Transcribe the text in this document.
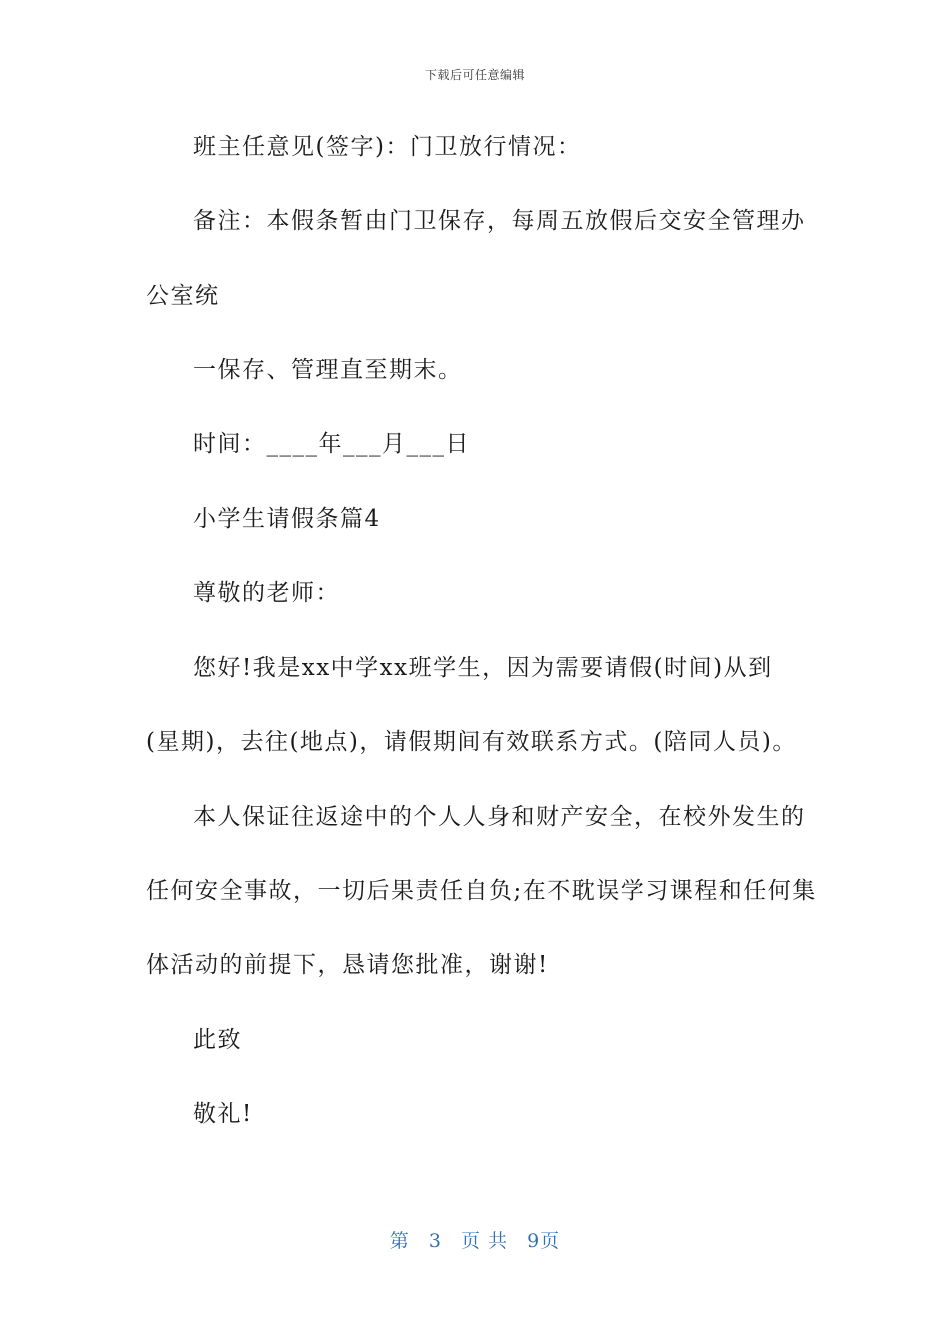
下载后可任意编辑
班主任意见(签字)：门卫放行情况：
备注：本假条暂由门卫保存，每周五放假后交安全管理办
公室统
一保存、管理直至期末。
时间：____年___月___日
小学生请假条篇4
尊敬的老师：
您好!我是xx中学xx班学生，因为需要请假(时间)从到
(星期)，去往(地点)，请假期间有效联系方式。(陪同人员)。
本人保证往返途中的个人人身和财产安全，在校外发生的
任何安全事故，一切后果责任自负;在不耽误学习课程和任何集
体活动的前提下，恳请您批准，谢谢!
此致
敬礼!
第 3 页 共 9页
